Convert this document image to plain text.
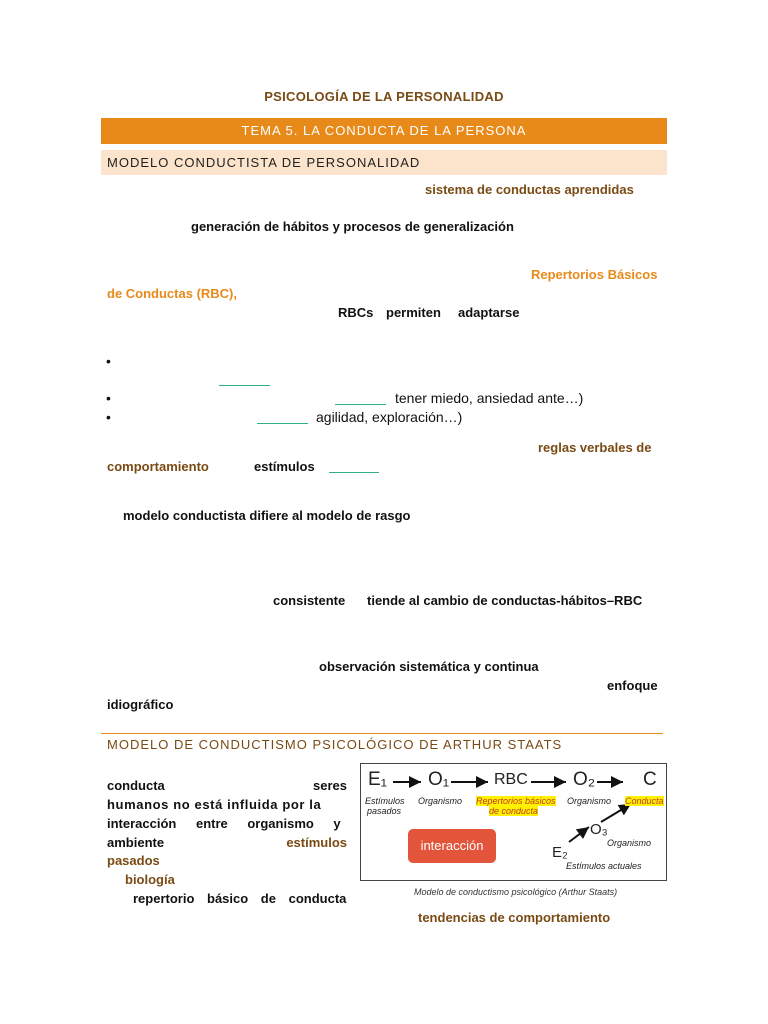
PSICOLOGÍA DE LA PERSONALIDAD
TEMA 5. LA CONDUCTA DE LA PERSONA
MODELO CONDUCTISTA DE PERSONALIDAD
sistema de conductas aprendidas
generación de hábitos y procesos de generalización
Repertorios Básicos
de Conductas (RBC),
RBCs permiten adaptarse
•
•	tener miedo, ansiedad ante…)
•	agilidad, exploración…)
reglas verbales de
comportamiento	estímulos
modelo conductista difiere al modelo de rasgo
consistente tiende al cambio de conductas-hábitos–RBC
observación sistemática y continua
enfoque
idiográfico
MODELO DE CONDUCTISMO PSICOLÓGICO DE ARTHUR STAATS
conducta	seres
humanos no está influida por la
interacción entre organismo y
ambiente	estímulos
pasados
biología
repertorio básico de conducta
tendencias de comportamiento
E₁ O₁	RBC O₂	C
Estímulos
pasados
Organismo Repertorios básicos
de conducta
Organismo Conducta
interacción
O₃
Organismo
E₂
Estímulos actuales
Modelo de conductismo psicológico (Arthur Staats)
